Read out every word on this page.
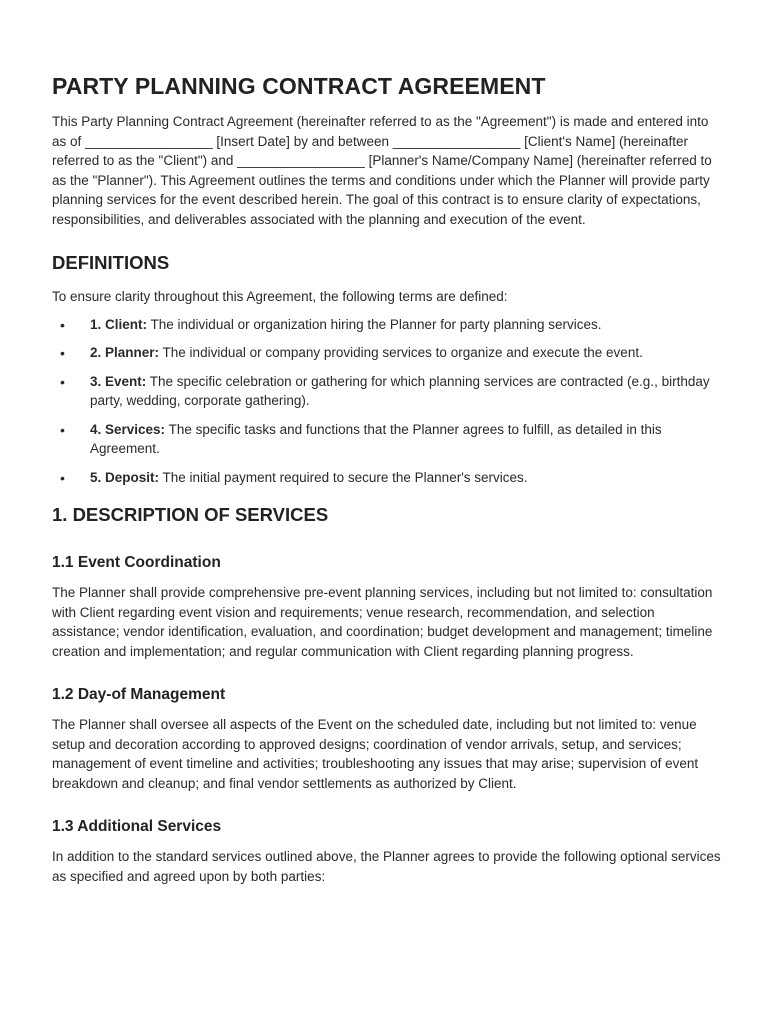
PARTY PLANNING CONTRACT AGREEMENT

This Party Planning Contract Agreement (hereinafter referred to as the "Agreement") is made and entered into as of _________________ [Insert Date] by and between _________________ [Client's Name] (hereinafter referred to as the "Client") and _________________ [Planner's Name/Company Name] (hereinafter referred to as the "Planner"). This Agreement outlines the terms and conditions under which the Planner will provide party planning services for the event described herein. The goal of this contract is to ensure clarity of expectations, responsibilities, and deliverables associated with the planning and execution of the event.

DEFINITIONS

To ensure clarity throughout this Agreement, the following terms are defined:

• 1. Client: The individual or organization hiring the Planner for party planning services.
• 2. Planner: The individual or company providing services to organize and execute the event.
• 3. Event: The specific celebration or gathering for which planning services are contracted (e.g., birthday party, wedding, corporate gathering).
• 4. Services: The specific tasks and functions that the Planner agrees to fulfill, as detailed in this Agreement.
• 5. Deposit: The initial payment required to secure the Planner's services.
1. DESCRIPTION OF SERVICES
1.1 Event Coordination

The Planner shall provide comprehensive pre-event planning services, including but not limited to: consultation with Client regarding event vision and requirements; venue research, recommendation, and selection assistance; vendor identification, evaluation, and coordination; budget development and management; timeline creation and implementation; and regular communication with Client regarding planning progress.

1.2 Day-of Management

The Planner shall oversee all aspects of the Event on the scheduled date, including but not limited to: venue setup and decoration according to approved designs; coordination of vendor arrivals, setup, and services; management of event timeline and activities; troubleshooting any issues that may arise; supervision of event breakdown and cleanup; and final vendor settlements as authorized by Client.

1.3 Additional Services

In addition to the standard services outlined above, the Planner agrees to provide the following optional services as specified and agreed upon by both parties:
